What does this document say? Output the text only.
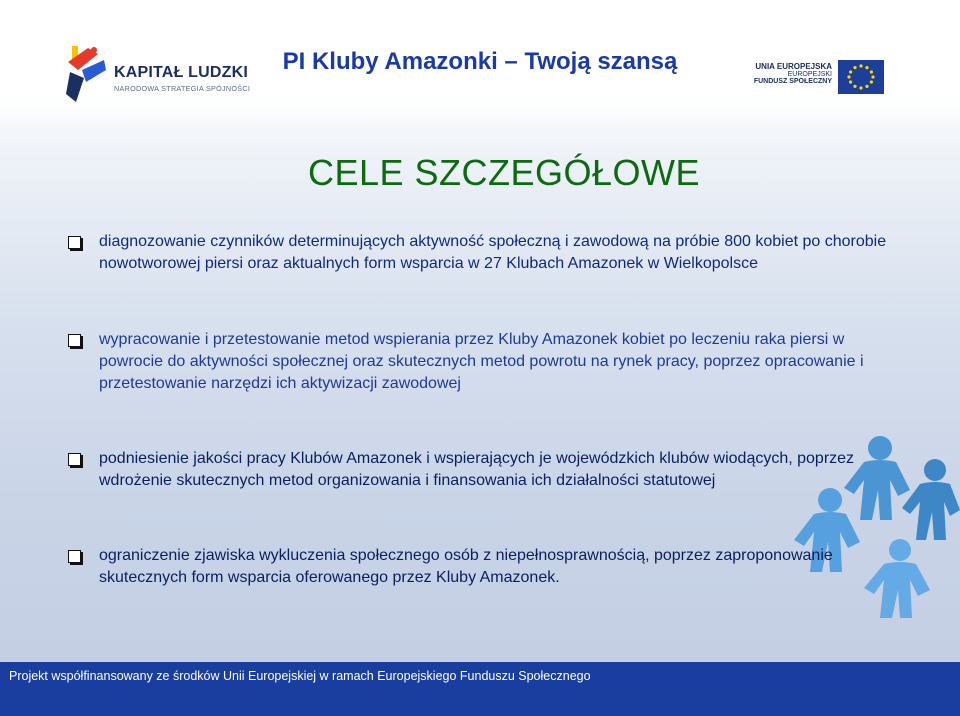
KAPITAŁ LUDZKI
NARODOWA STRATEGIA SPÓJNOŚCI
PI Kluby Amazonki – Twoją szansą	UNIA EUROPEJSKA
EUROPEJSKI
FUNDUSZ SPOŁECZNY
CELE SZCZEGÓŁOWE
diagnozowanie czynników determinujących aktywność społeczną i zawodową na próbie 800 kobiet po chorobie nowotworowej piersi oraz aktualnych form wsparcia w 27 Klubach Amazonek w Wielkopolsce
wypracowanie i przetestowanie metod wspierania przez Kluby Amazonek kobiet po leczeniu raka piersi w powrocie do aktywności społecznej oraz skutecznych metod powrotu na rynek pracy, poprzez opracowanie i przetestowanie narzędzi ich aktywizacji zawodowej
podniesienie jakości pracy Klubów Amazonek i wspierających je wojewódzkich klubów wiodących, poprzez wdrożenie skutecznych metod organizowania i finansowania ich działalności statutowej
ograniczenie zjawiska wykluczenia społecznego osób z niepełnosprawnością, poprzez zaproponowanie skutecznych form wsparcia oferowanego przez Kluby Amazonek.
Projekt współfinansowany ze środków Unii Europejskiej w ramach Europejskiego Funduszu Społecznego
